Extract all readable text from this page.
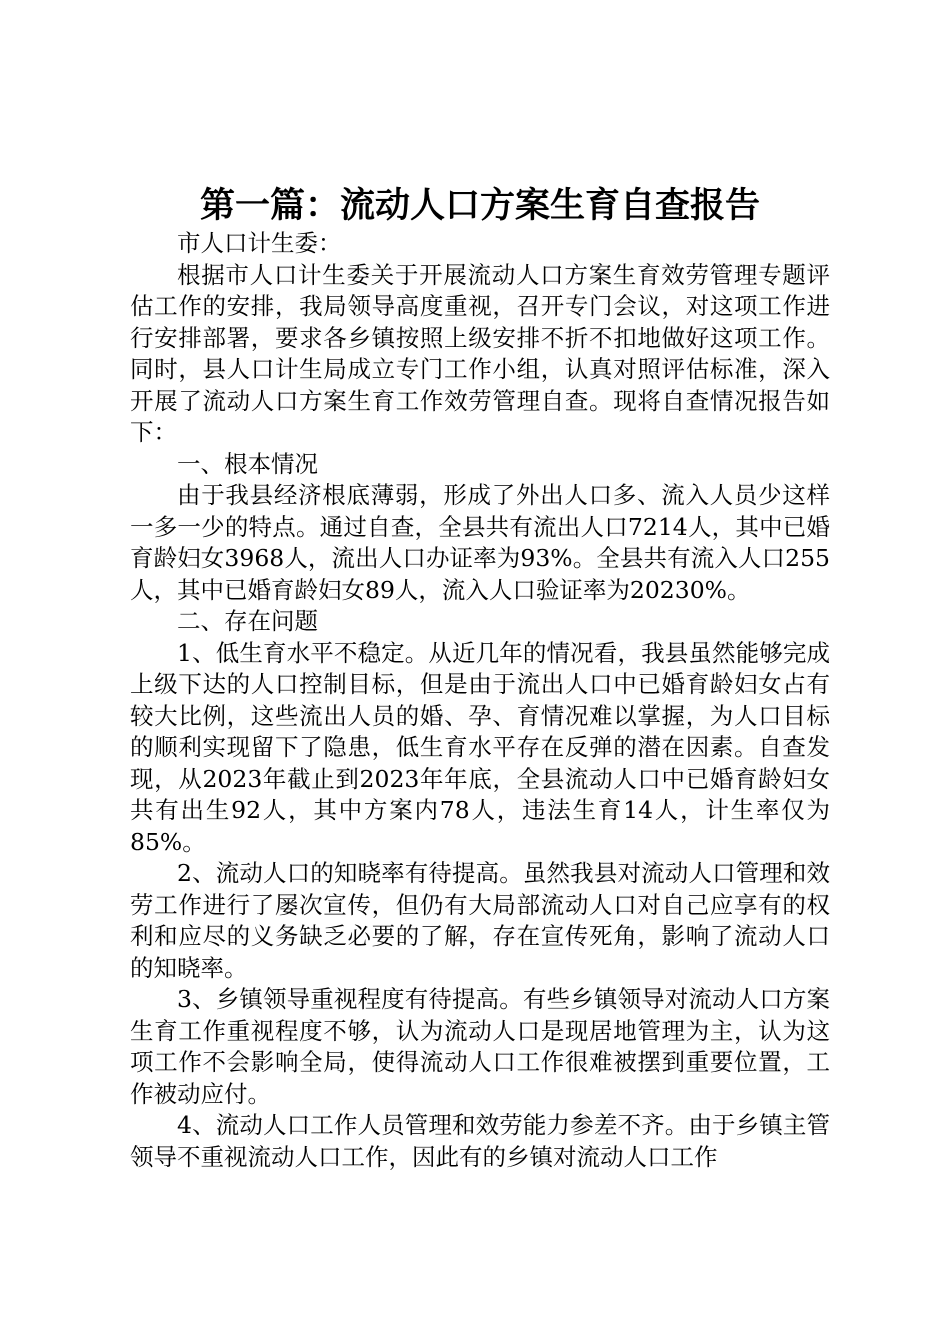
第一篇：流动人口方案生育自查报告

市人口计生委：

根据市人口计生委关于开展流动人口方案生育效劳管理专题评估工作的安排，我局领导高度重视，召开专门会议，对这项工作进行安排部署，要求各乡镇按照上级安排不折不扣地做好这项工作。同时，县人口计生局成立专门工作小组，认真对照评估标准，深入开展了流动人口方案生育工作效劳管理自查。现将自查情况报告如下：

一、根本情况

由于我县经济根底薄弱，形成了外出人口多、流入人员少这样一多一少的特点。通过自查，全县共有流出人口7214人，其中已婚育龄妇女3968人，流出人口办证率为93%。全县共有流入人口255人，其中已婚育龄妇女89人，流入人口验证率为20230%。

二、存在问题

1、低生育水平不稳定。从近几年的情况看，我县虽然能够完成上级下达的人口控制目标，但是由于流出人口中已婚育龄妇女占有较大比例，这些流出人员的婚、孕、育情况难以掌握，为人口目标的顺利实现留下了隐患，低生育水平存在反弹的潜在因素。自查发现，从2023年截止到2023年年底，全县流动人口中已婚育龄妇女共有出生92人，其中方案内78人，违法生育14人，计生率仅为85%。

2、流动人口的知晓率有待提高。虽然我县对流动人口管理和效劳工作进行了屡次宣传，但仍有大局部流动人口对自己应享有的权利和应尽的义务缺乏必要的了解，存在宣传死角，影响了流动人口的知晓率。

3、乡镇领导重视程度有待提高。有些乡镇领导对流动人口方案生育工作重视程度不够，认为流动人口是现居地管理为主，认为这项工作不会影响全局，使得流动人口工作很难被摆到重要位置，工作被动应付。

4、流动人口工作人员管理和效劳能力参差不齐。由于乡镇主管领导不重视流动人口工作，因此有的乡镇对流动人口工作
